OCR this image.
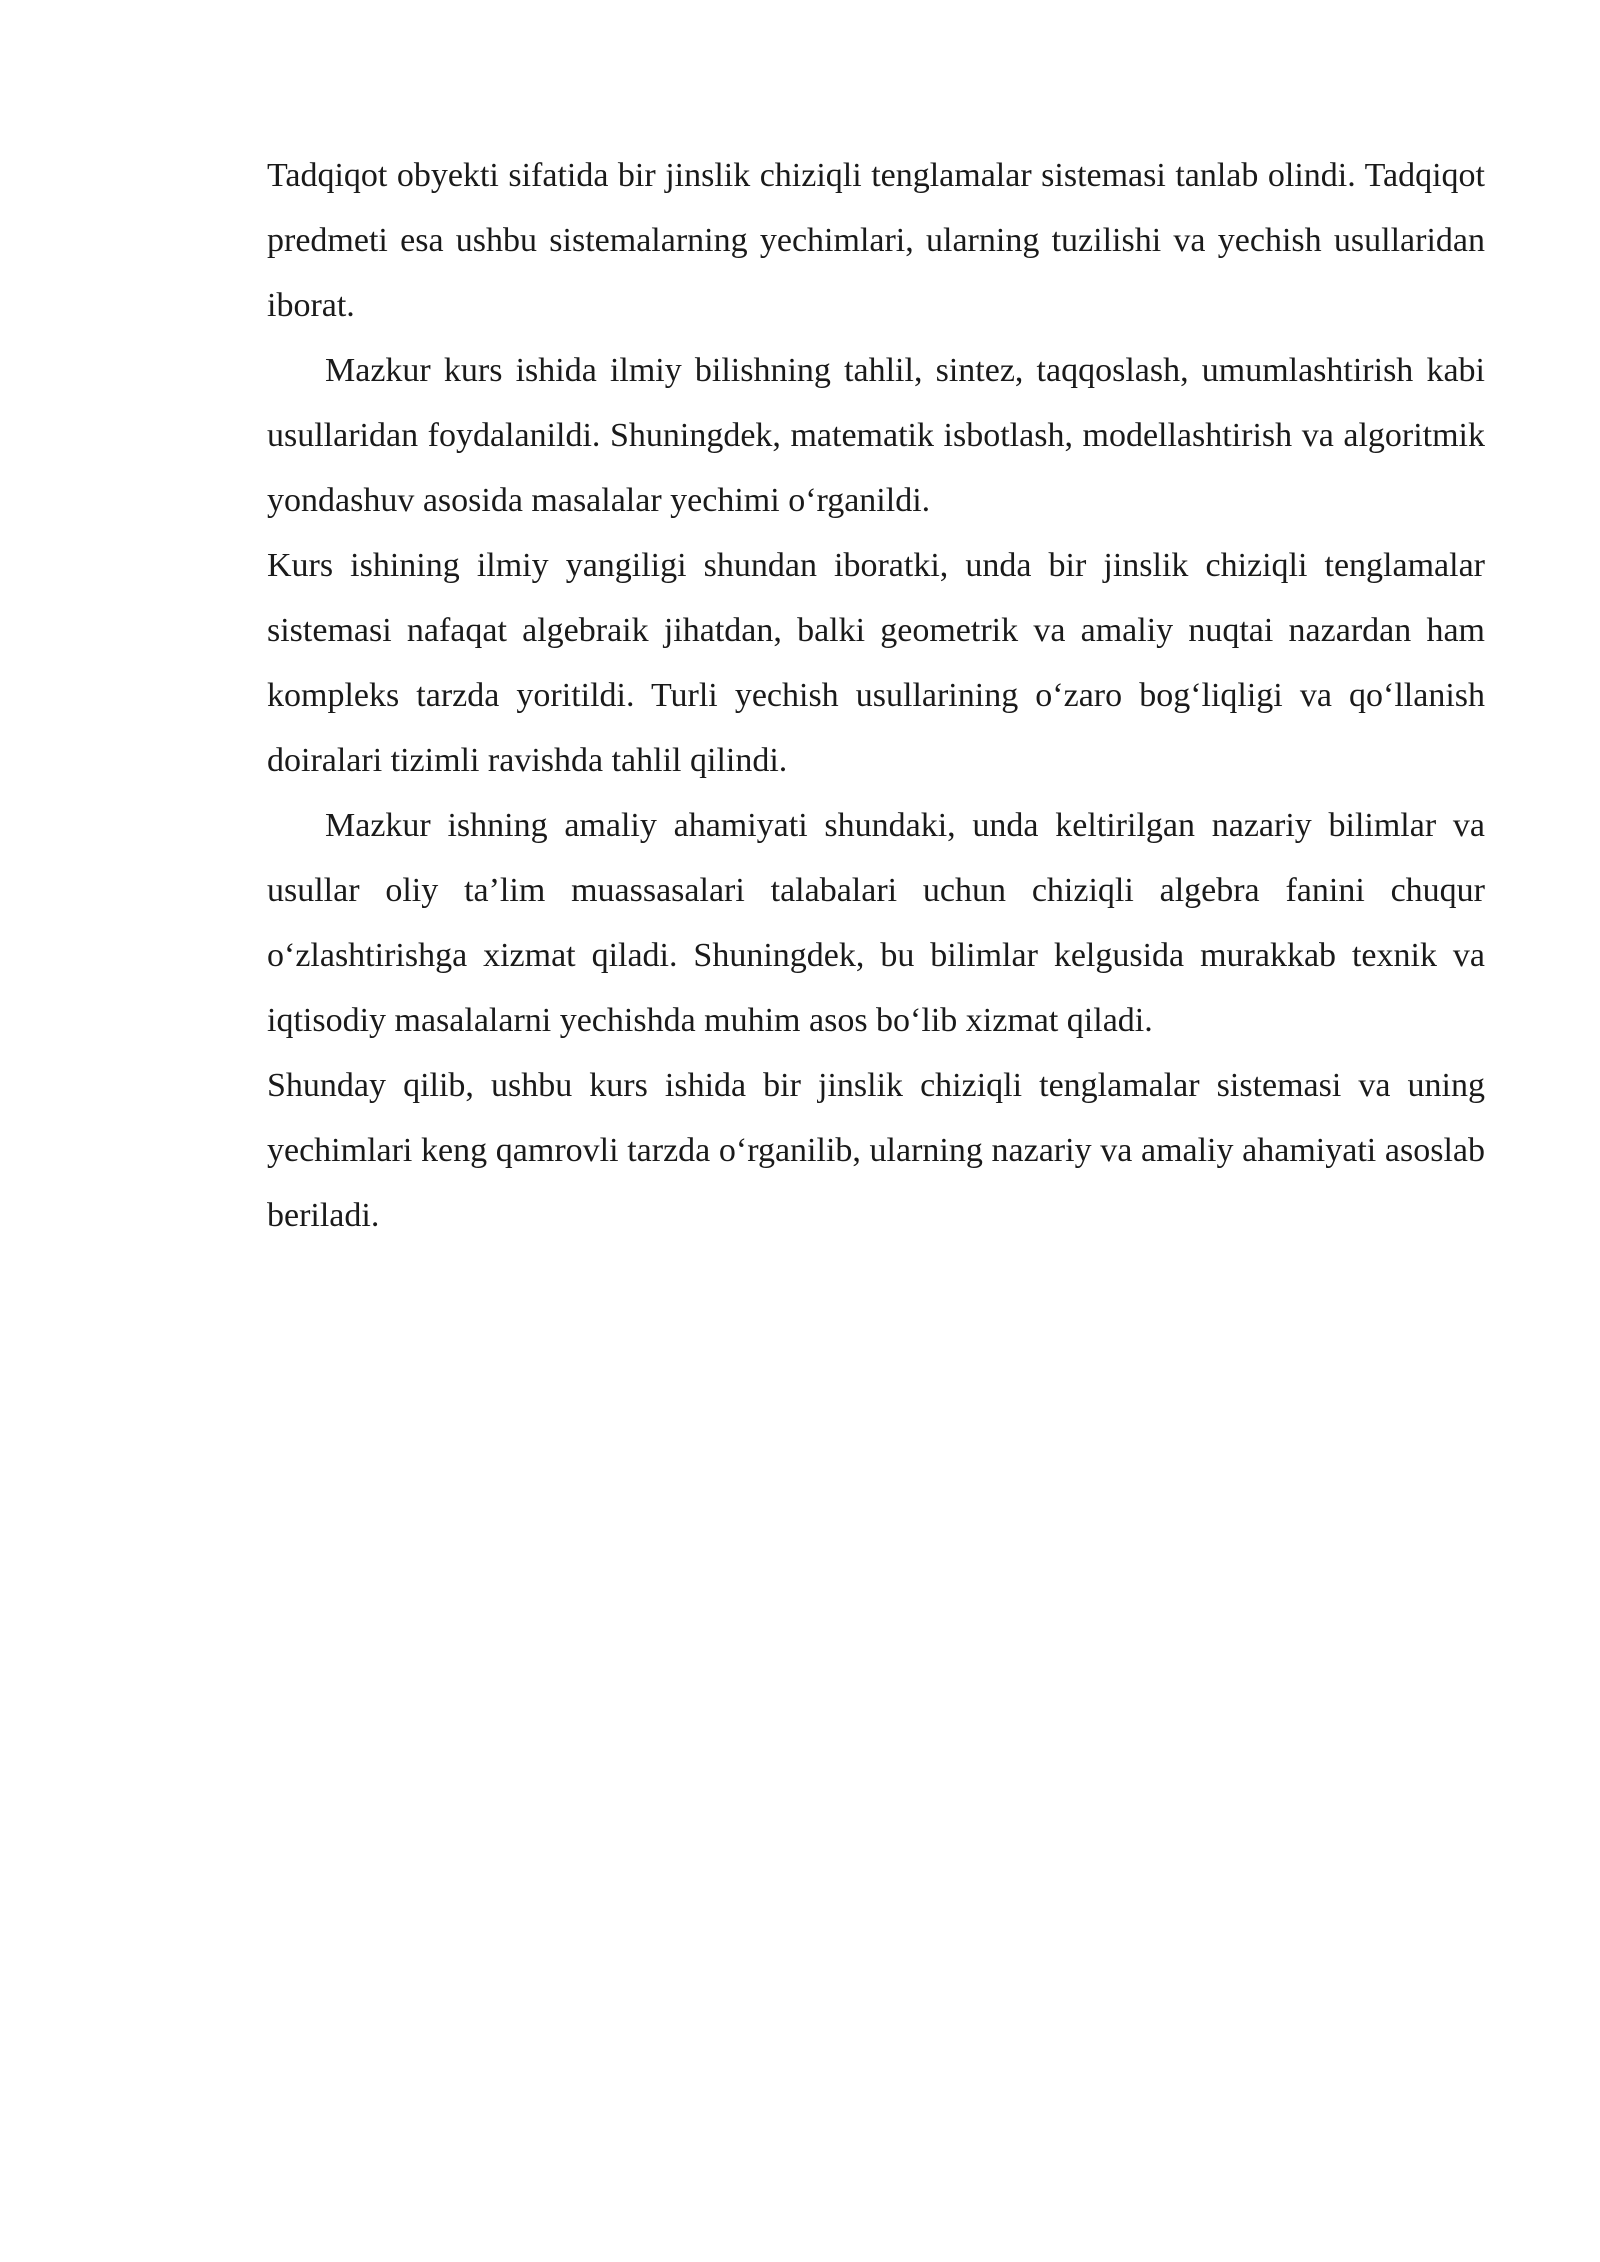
Tadqiqot obyekti sifatida bir jinslik chiziqli tenglamalar sistemasi tanlab olindi. Tadqiqot predmeti esa ushbu sistemalarning yechimlari, ularning tuzilishi va yechish usullaridan iborat.

Mazkur kurs ishida ilmiy bilishning tahlil, sintez, taqqoslash, umumlashtirish kabi usullaridan foydalanildi. Shuningdek, matematik isbotlash, modellashtirish va algoritmik yondashuv asosida masalalar yechimi o‘rganildi.

Kurs ishining ilmiy yangiligi shundan iboratki, unda bir jinslik chiziqli tenglamalar sistemasi nafaqat algebraik jihatdan, balki geometrik va amaliy nuqtai nazardan ham kompleks tarzda yoritildi. Turli yechish usullarining o‘zaro bog‘liqligi va qo‘llanish doiralari tizimli ravishda tahlil qilindi.

Mazkur ishning amaliy ahamiyati shundaki, unda keltirilgan nazariy bilimlar va usullar oliy ta’lim muassasalari talabalari uchun chiziqli algebra fanini chuqur o‘zlashtirishga xizmat qiladi. Shuningdek, bu bilimlar kelgusida murakkab texnik va iqtisodiy masalalarni yechishda muhim asos bo‘lib xizmat qiladi.

Shunday qilib, ushbu kurs ishida bir jinslik chiziqli tenglamalar sistemasi va uning yechimlari keng qamrovli tarzda o‘rganilib, ularning nazariy va amaliy ahamiyati asoslab beriladi.
